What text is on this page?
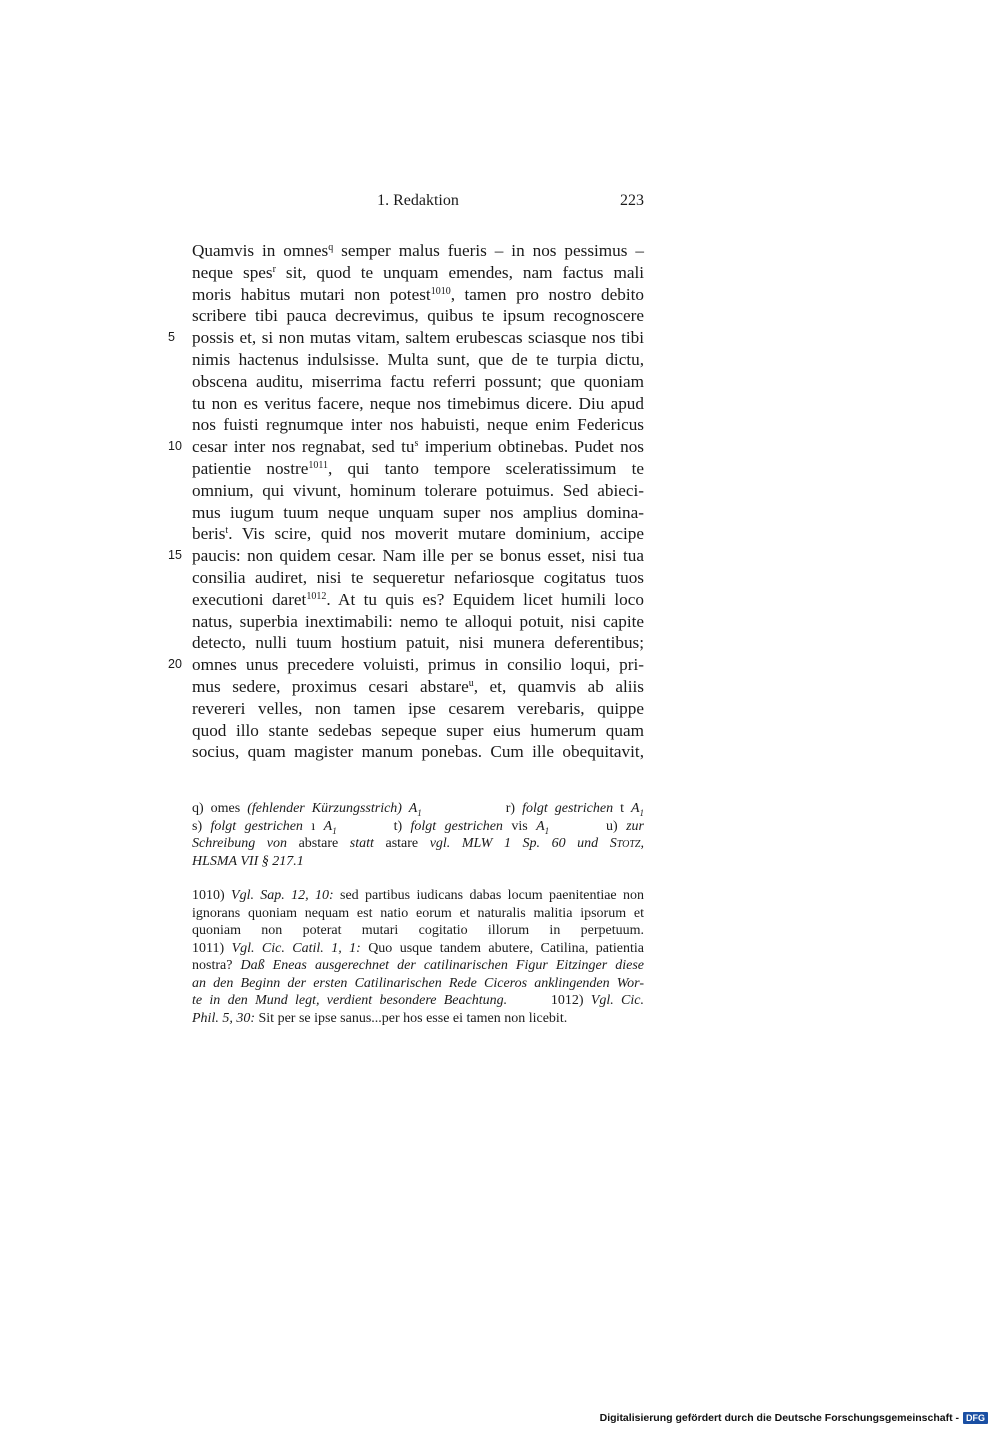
1. Redaktion	223
Quamvis in omnes$^q$ semper malus fueris – in nos pessimus –
neque spes$^r$ sit, quod te unquam emendes, nam factus mali
moris habitus mutari non potest$^{1010}$, tamen pro nostro debito
scribere tibi pauca decrevimus, quibus te ipsum recognoscere
5 possis et, si non mutas vitam, saltem erubescas sciasque nos tibi
nimis hactenus indulsisse. Multa sunt, que de te turpia dictu,
obscena auditu, miserrima factu referri possunt; que quoniam
tu non es veritus facere, neque nos timebimus dicere. Diu apud
nos fuisti regnumque inter nos habuisti, neque enim Federicus
10 cesar inter nos regnabat, sed $tu^s$ imperium obtinebas. Pudet nos
patientie nostre$^{1011}$, qui tanto tempore sceleratissimum te
omnium, qui vivunt, hominum tolerare potuimus. Sed abieci-
mus iugum tuum neque unquam super nos amplius domina-
beris$^t$. Vis scire, quid nos moverit mutare dominium, accipe
15 paucis: non quidem cesar. Nam ille per se bonus esset, nisi tua
consilia audiret, nisi te sequeretur nefariosque cogitatus tuos
executioni daret$^{1012}$. At tu quis es? Equidem licet humili loco
natus, superbia inextimabili: nemo te alloqui potuit, nisi capite
detecto, nulli tuum hostium patuit, nisi munera deferentibus;
20 omnes unus precedere voluisti, primus in consilio loqui, pri-
mus sedere, proximus cesari abstare$^u$, et, quamvis ab aliis
revereri velles, non tamen ipse cesarem verebaris, quippe
quod illo stante sedebas sepeque super eius humerum quam
socius, quam magister manum ponebas. Cum ille obequitavit,
q) omes (fehlender Kürzungsstrich) $A_1$	r) folgt gestrichen t $A_1$
s) folgt gestrichen ı $A_1$	t) folgt gestrichen vis $A_1$	u) zur
Schreibung von abstare statt astare vgl. MLW 1 Sp. 60 und Stotz,
HLSMA VII § 217.1
1010) Vgl. Sap. 12, 10: sed partibus iudicans dabas locum paenitentiae non
ignorans quoniam nequam est natio eorum et naturalis malitia ipsorum et
quoniam non poterat mutari cogitatio illorum in perpetuum.
1011) Vgl. Cic. Catil. 1, 1: Quo usque tandem abutere, Catilina, patientia
nostra? Daß Eneas ausgerechnet der catilinarischen Figur Eitzinger diese
an den Beginn der ersten Catilinarischen Rede Ciceros anklingenden Wor-
te in den Mund legt, verdient besondere Beachtung.      1012) Vgl. Cic.
Phil. 5, 30: Sit per se ipse sanus...per hos esse ei tamen non licebit.
Digitalisierung gefördert durch die Deutsche Forschungsgemeinschaft - DFG
